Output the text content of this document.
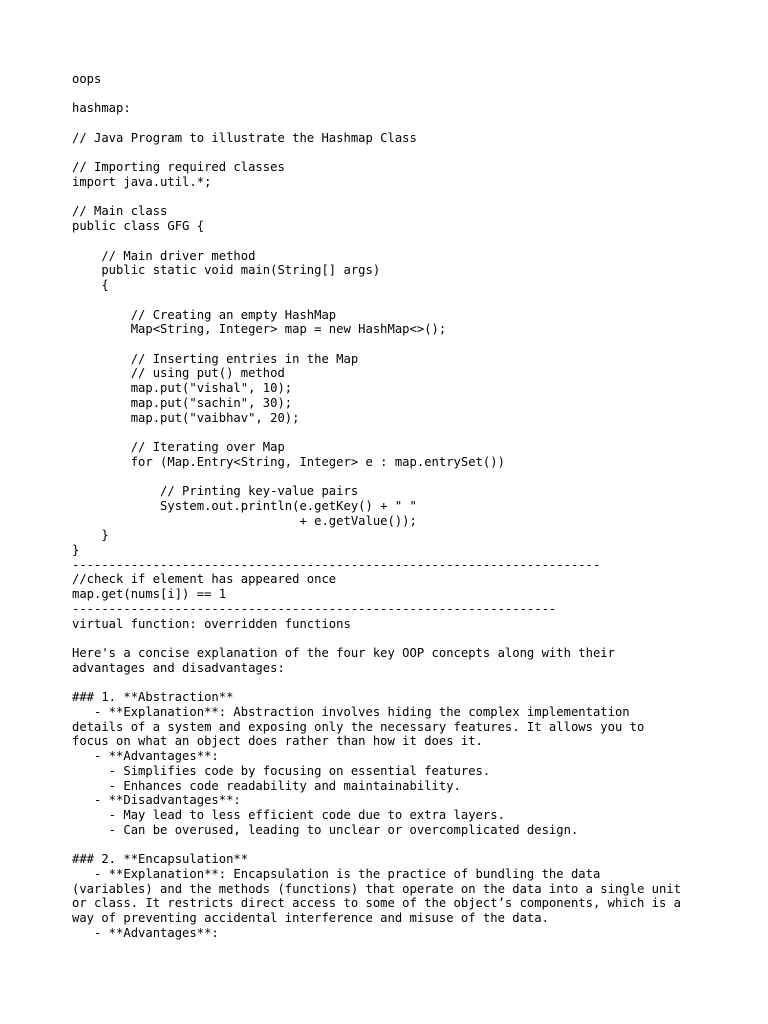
oops
hashmap:
// Java Program to illustrate the Hashmap Class
// Importing required classes
import java.util.*;
// Main class
public class GFG {
// Main driver method
public static void main(String[] args)
{
// Creating an empty HashMap
Map<String, Integer> map = new HashMap<>();
// Inserting entries in the Map
// using put() method
map.put("vishal", 10);
map.put("sachin", 30);
map.put("vaibhav", 20);
// Iterating over Map
for (Map.Entry<String, Integer> e : map.entrySet())
// Printing key-value pairs
System.out.println(e.getKey() + " "
+ e.getValue());
}
}
------------------------------------------------------------------------
//check if element has appeared once
map.get(nums[i]) == 1
------------------------------------------------------------------
virtual function: overridden functions
Here's a concise explanation of the four key OOP concepts along with their
advantages and disadvantages:
### 1. **Abstraction**
- **Explanation**: Abstraction involves hiding the complex implementation
details of a system and exposing only the necessary features. It allows you to
focus on what an object does rather than how it does it.
- **Advantages**:
- Simplifies code by focusing on essential features.
- Enhances code readability and maintainability.
- **Disadvantages**:
- May lead to less efficient code due to extra layers.
- Can be overused, leading to unclear or overcomplicated design.
### 2. **Encapsulation**
- **Explanation**: Encapsulation is the practice of bundling the data
(variables) and the methods (functions) that operate on the data into a single unit
or class. It restricts direct access to some of the object’s components, which is a
way of preventing accidental interference and misuse of the data.
- **Advantages**:
